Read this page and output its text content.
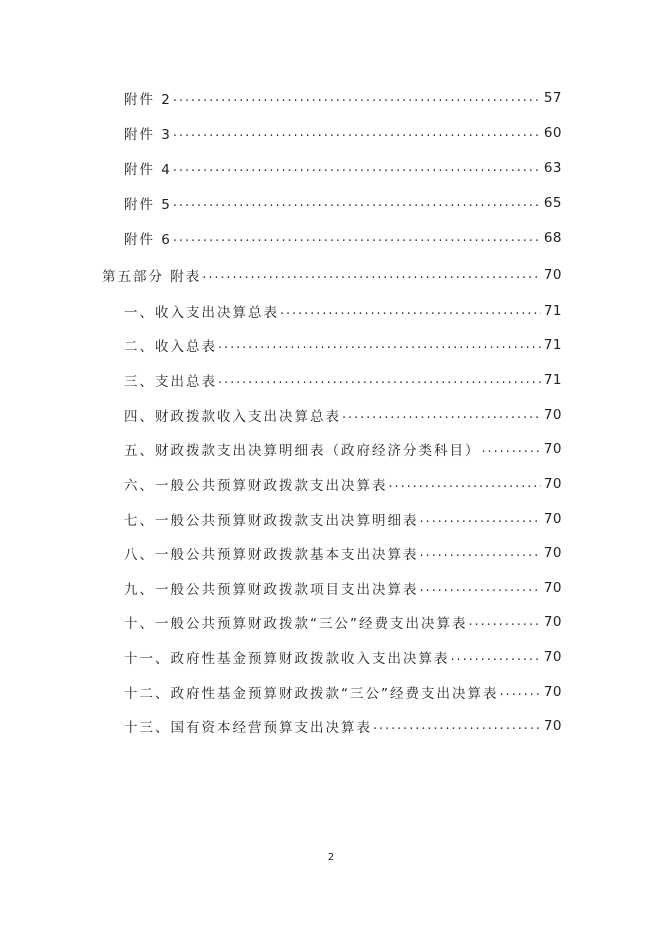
附件 2 .....	57
附件 3 .....	60
附件 4 .....	63
附件 5 .....	65
附件 6 .....	68
第五部分 附表 .....	70
一、收入支出决算总表 .....	71
二、收入总表 .....	71
三、支出总表 .....	71
四、财政拨款收入支出决算总表 .....	70
五、财政拨款支出决算明细表（政府经济分类科目） .....	70
六、一般公共预算财政拨款支出决算表 .....	70
七、一般公共预算财政拨款支出决算明细表 .....	70
八、一般公共预算财政拨款基本支出决算表 .....	70
九、一般公共预算财政拨款项目支出决算表 .....	70
十、一般公共预算财政拨款“三公”经费支出决算表 .....	70
十一、政府性基金预算财政拨款收入支出决算表 .....	70
十二、政府性基金预算财政拨款“三公”经费支出决算表 .....	70
十三、国有资本经营预算支出决算表 .....	70
2
